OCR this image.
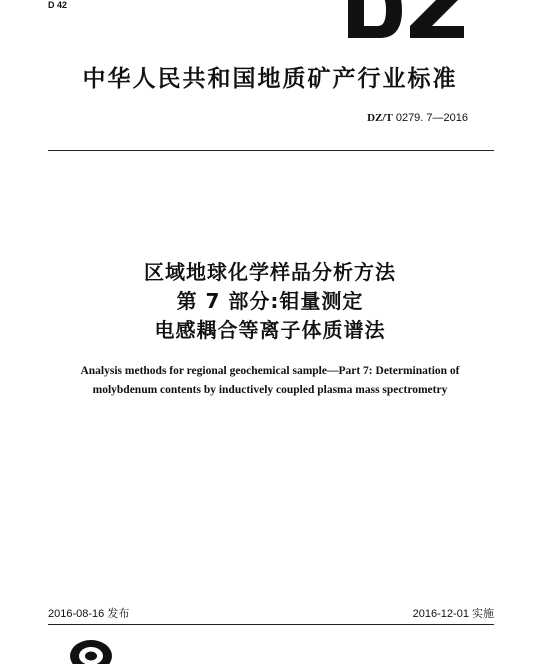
D 42
中华人民共和国地质矿产行业标准
DZ/T 0279. 7—2016
区域地球化学样品分析方法
第 7 部分:钼量测定
电感耦合等离子体质谱法
Analysis methods for regional geochemical sample—Part 7: Determination of
molybdenum contents by inductively coupled plasma mass spectrometry
2016-08-16 发布	2016-12-01 实施
